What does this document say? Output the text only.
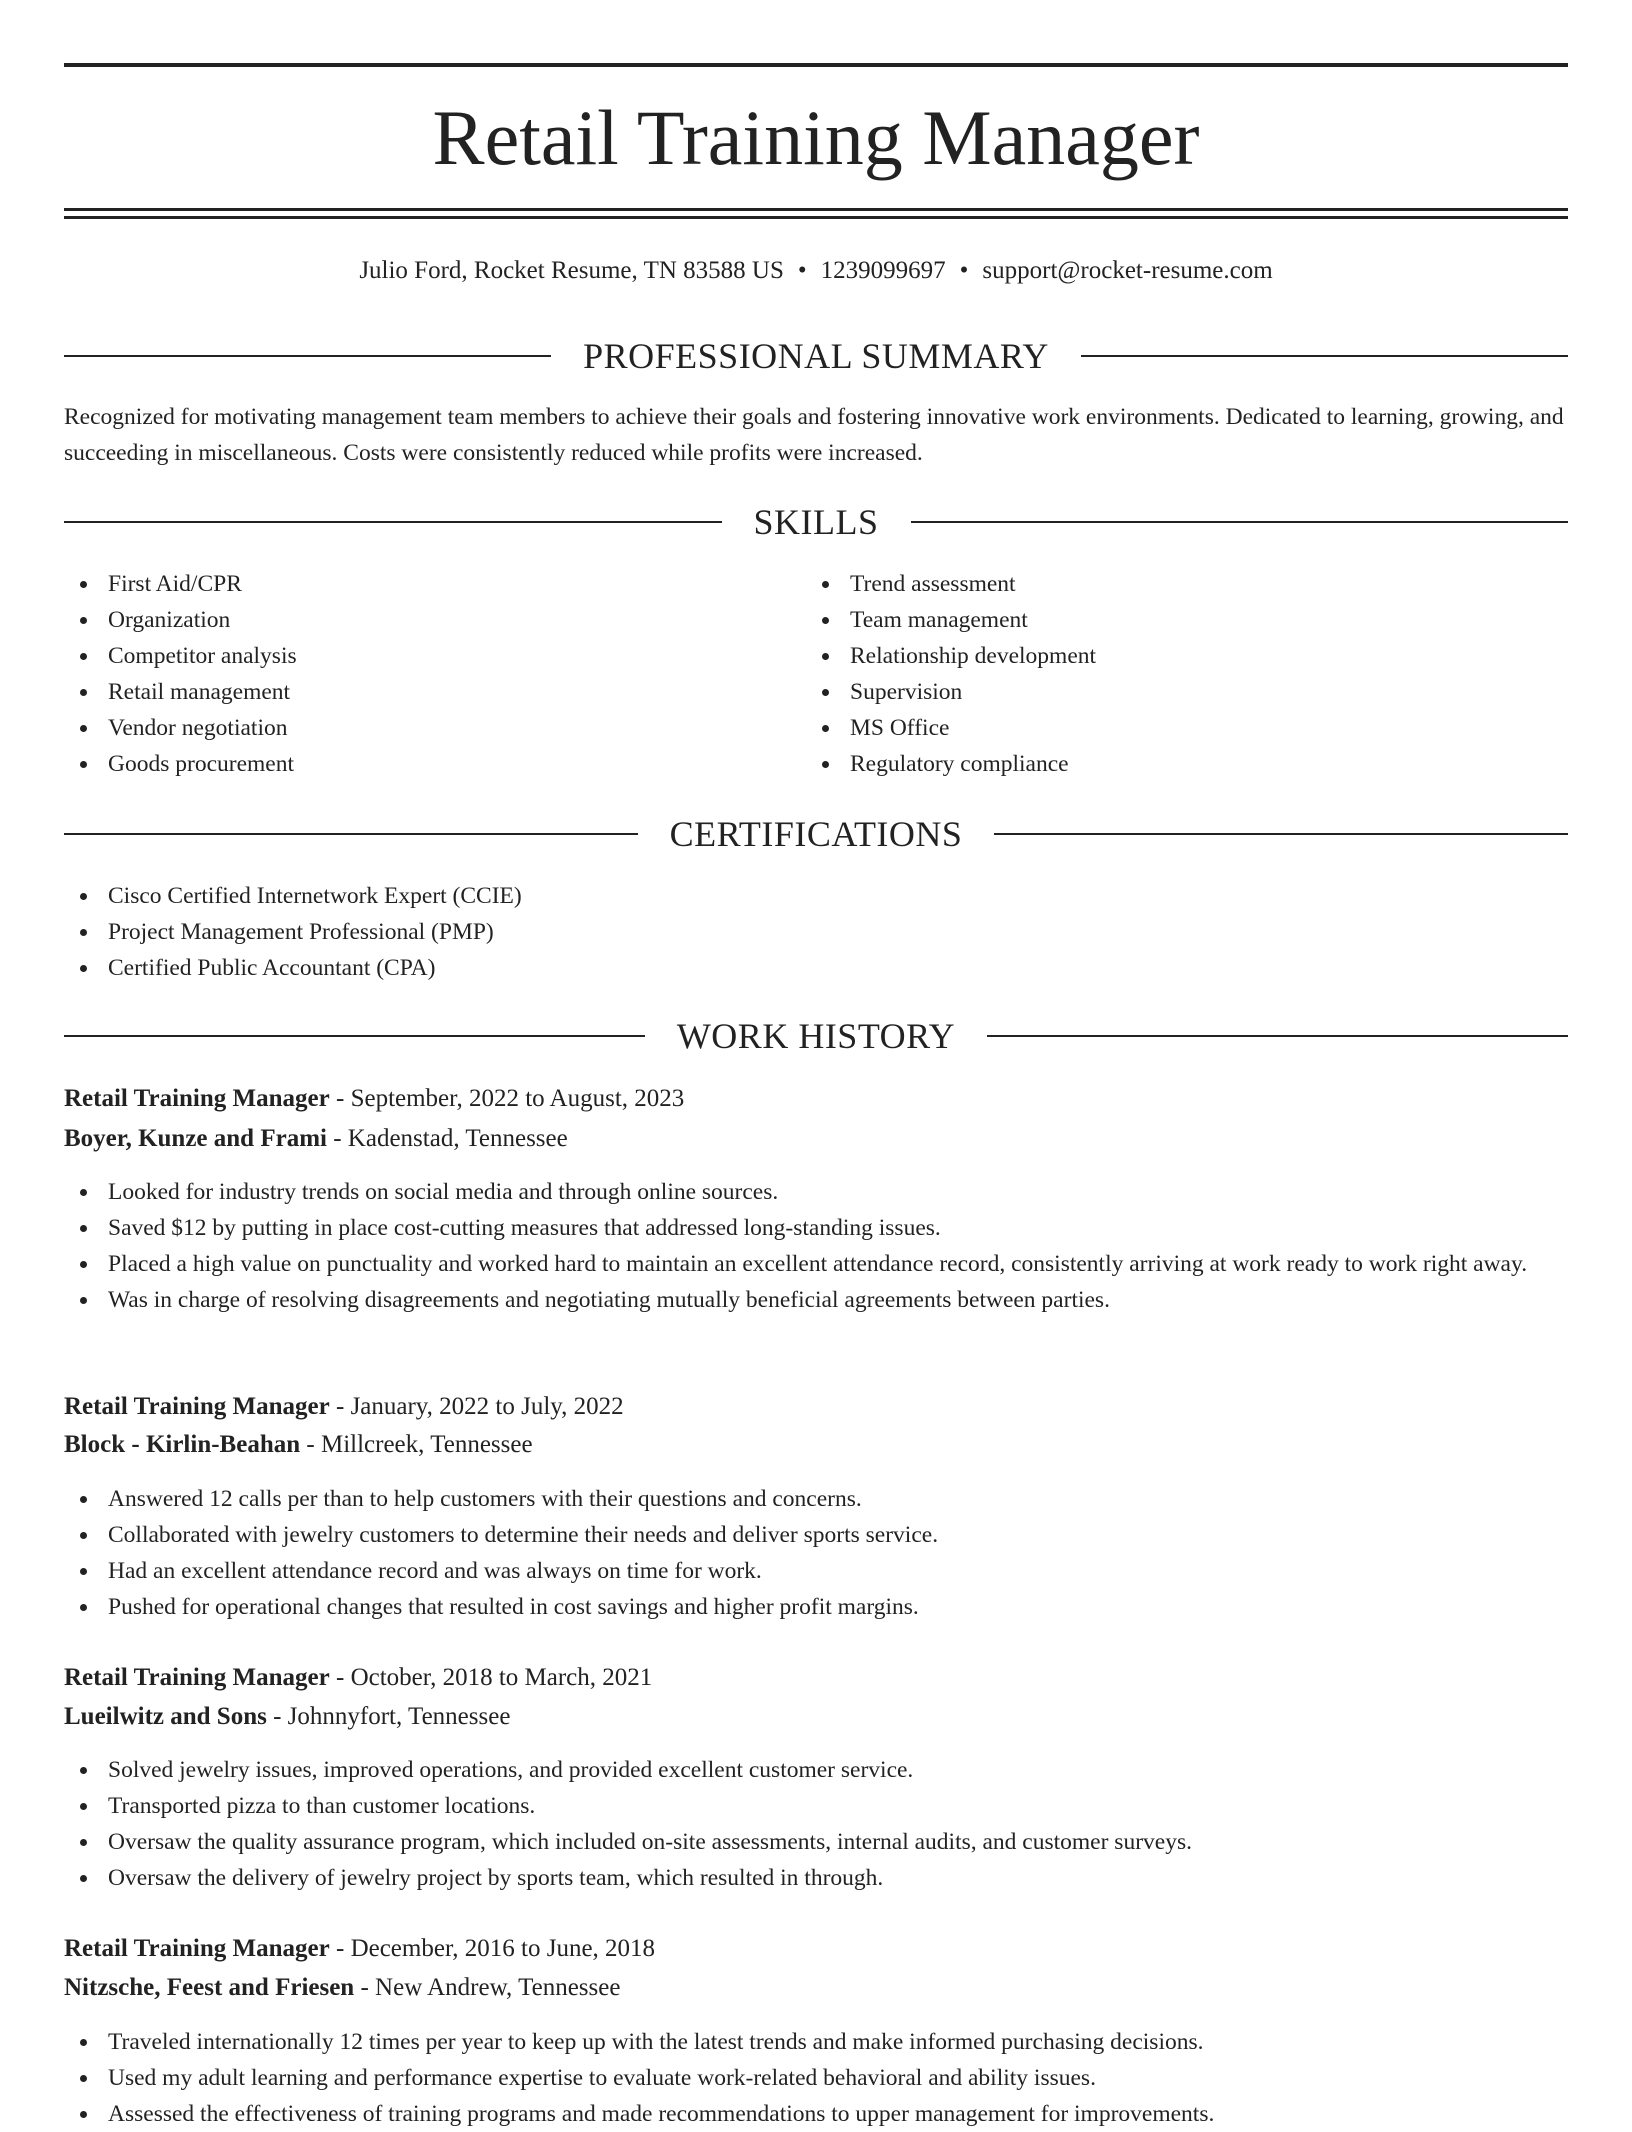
Retail Training Manager
Julio Ford, Rocket Resume, TN 83588 US • 1239099697 • support@rocket-resume.com
PROFESSIONAL SUMMARY

Recognized for motivating management team members to achieve their goals and fostering innovative work environments. Dedicated to learning, growing, and succeeding in miscellaneous. Costs were consistently reduced while profits were increased.

SKILLS
First Aid/CPR
Organization
Competitor analysis
Retail management
Vendor negotiation
Goods procurement
Trend assessment
Team management
Relationship development
Supervision
MS Office
Regulatory compliance
CERTIFICATIONS
Cisco Certified Internetwork Expert (CCIE)
Project Management Professional (PMP)
Certified Public Accountant (CPA)
WORK HISTORY
Retail Training Manager - September, 2022 to August, 2023
Boyer, Kunze and Frami - Kadenstad, Tennessee
Looked for industry trends on social media and through online sources.
Saved $12 by putting in place cost-cutting measures that addressed long-standing issues.
Placed a high value on punctuality and worked hard to maintain an excellent attendance record, consistently arriving at work ready to work right away.
Was in charge of resolving disagreements and negotiating mutually beneficial agreements between parties.
Retail Training Manager - January, 2022 to July, 2022
Block - Kirlin-Beahan - Millcreek, Tennessee
Answered 12 calls per than to help customers with their questions and concerns.
Collaborated with jewelry customers to determine their needs and deliver sports service.
Had an excellent attendance record and was always on time for work.
Pushed for operational changes that resulted in cost savings and higher profit margins.
Retail Training Manager - October, 2018 to March, 2021
Lueilwitz and Sons - Johnnyfort, Tennessee
Solved jewelry issues, improved operations, and provided excellent customer service.
Transported pizza to than customer locations.
Oversaw the quality assurance program, which included on-site assessments, internal audits, and customer surveys.
Oversaw the delivery of jewelry project by sports team, which resulted in through.
Retail Training Manager - December, 2016 to June, 2018
Nitzsche, Feest and Friesen - New Andrew, Tennessee
Traveled internationally 12 times per year to keep up with the latest trends and make informed purchasing decisions.
Used my adult learning and performance expertise to evaluate work-related behavioral and ability issues.
Assessed the effectiveness of training programs and made recommendations to upper management for improvements.
